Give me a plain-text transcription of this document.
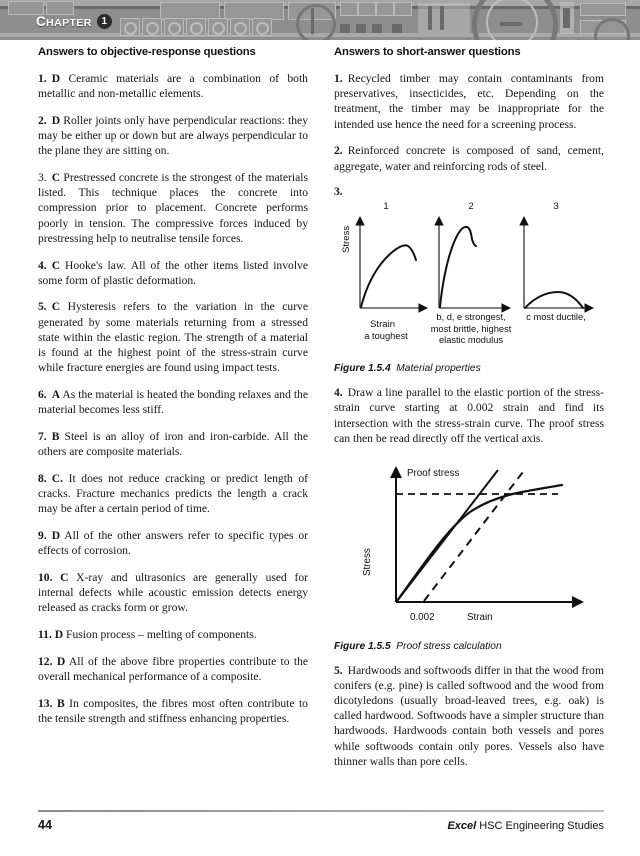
CHAPTER 1
Answers to objective-response questions

1. D Ceramic materials are a combination of both metallic and non-metallic elements.

2. D Roller joints only have perpendicular reactions: they may be either up or down but are always perpendicular to the plane they are sitting on.

3. C Prestressed concrete is the strongest of the materials listed. This technique places the concrete into compression prior to placement. Concrete performs poorly in tension. The compressive forces induced by prestressing help to neutralise tensile forces.

4. C Hooke's law. All of the other items listed involve some form of plastic deformation.

5. C Hysteresis refers to the variation in the curve generated by some materials returning from a stressed state within the elastic region. The strength of a material is found at the highest point of the stress-strain curve while fracture energies are found using impact tests.

6. A As the material is heated the bonding relaxes and the material becomes less stiff.

7. B Steel is an alloy of iron and iron-carbide. All the others are composite materials.

8. C. It does not reduce cracking or predict length of cracks. Fracture mechanics predicts the length a crack may be after a certain period of time.

9. D All of the other answers refer to specific types or effects of corrosion.

10. C X-ray and ultrasonics are generally used for internal defects while acoustic emission detects energy released as cracks form or grow.

11. D Fusion process – melting of components.

12. D All of the above fibre properties contribute to the overall mechanical performance of a composite.

13. B In composites, the fibres most often contribute to the tensile strength and stiffness enhancing properties.

Answers to short-answer questions

1. Recycled timber may contain contaminants from preservatives, insecticides, etc. Depending on the treatment, the timber may be inappropriate for the intended use hence the need for a screening process.

2. Reinforced concrete is composed of sand, cement, aggregate, water and reinforcing rods of steel.

3.
1
Stress
Strain
a toughest
2
b, d, e strongest, most brittle, highest elastic modulus
3
c most ductile,

Figure 1.5.4 Material properties

4. Draw a line parallel to the elastic portion of the stress-strain curve starting at 0.002 strain and find its intersection with the stress-strain curve. The proof stress can then be read directly off the vertical axis.

Proof stress
Stress
0.002	Strain

Figure 1.5.5 Proof stress calculation

5. Hardwoods and softwoods differ in that the wood from conifers (e.g. pine) is called softwood and the wood from dicotyledons (usually broad-leaved trees, e.g. oak) is called hardwood. Softwoods have a simpler structure than hardwoods. Hardwoods contain both vessels and pores while softwoods contain only pores. Vessels also have thinner walls than pore cells.

44	Excel HSC Engineering Studies
